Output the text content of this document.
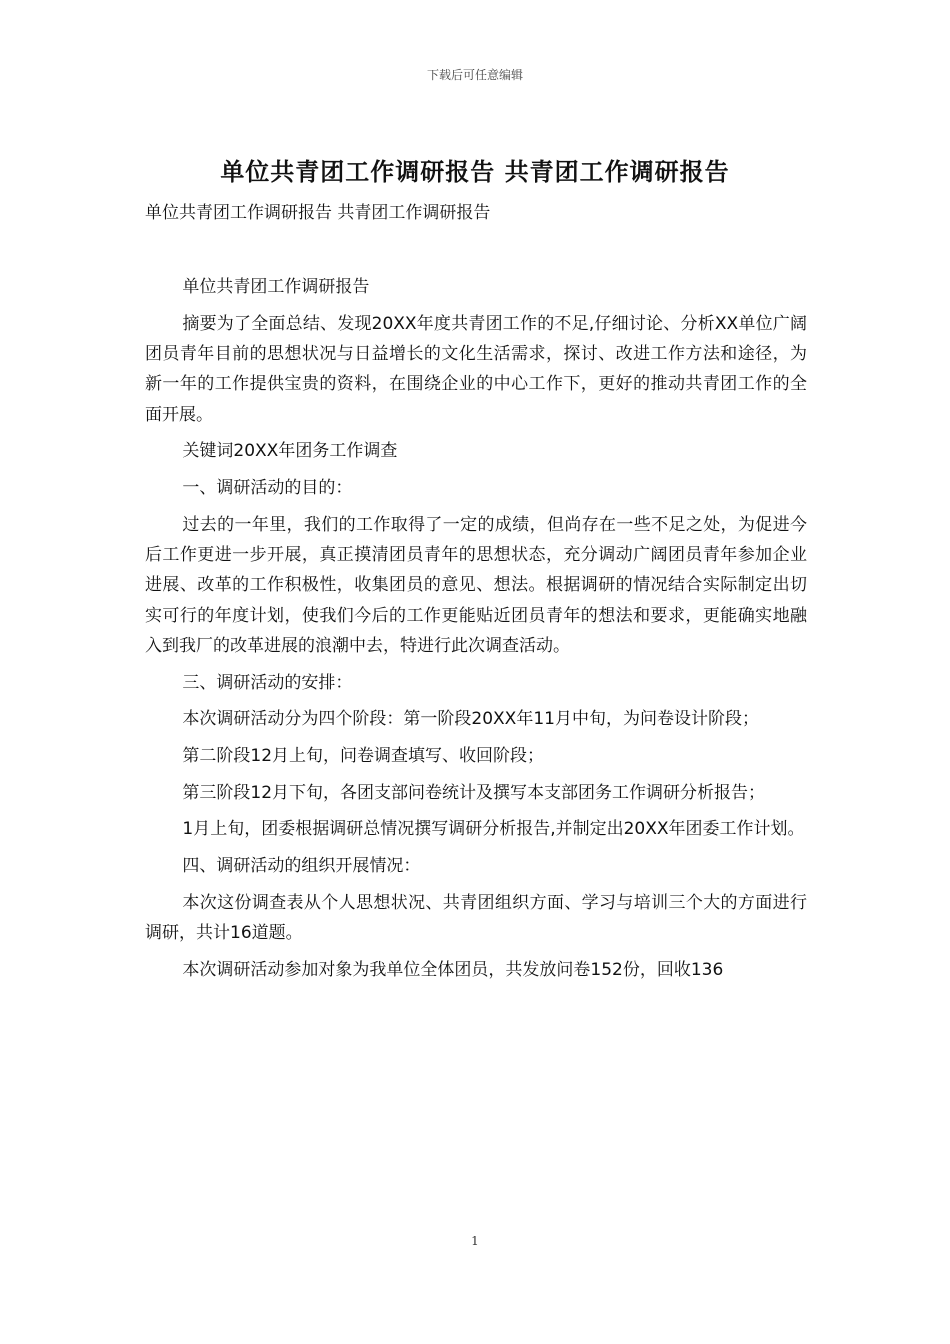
下载后可任意编辑
单位共青团工作调研报告 共青团工作调研报告
单位共青团工作调研报告 共青团工作调研报告

单位共青团工作调研报告

摘要为了全面总结、发现20XX年度共青团工作的不足,仔细讨论、分析XX单位广阔团员青年目前的思想状况与日益增长的文化生活需求，探讨、改进工作方法和途径，为新一年的工作提供宝贵的资料，在围绕企业的中心工作下，更好的推动共青团工作的全面开展。

关键词20XX年团务工作调查

一、调研活动的目的：

过去的一年里，我们的工作取得了一定的成绩，但尚存在一些不足之处，为促进今后工作更进一步开展，真正摸清团员青年的思想状态，充分调动广阔团员青年参加企业进展、改革的工作积极性，收集团员的意见、想法。根据调研的情况结合实际制定出切实可行的年度计划，使我们今后的工作更能贴近团员青年的想法和要求，更能确实地融入到我厂的改革进展的浪潮中去，特进行此次调查活动。

三、调研活动的安排：

本次调研活动分为四个阶段：第一阶段20XX年11月中旬，为问卷设计阶段；

第二阶段12月上旬，问卷调查填写、收回阶段；

第三阶段12月下旬，各团支部问卷统计及撰写本支部团务工作调研分析报告；

1月上旬，团委根据调研总情况撰写调研分析报告,并制定出20XX年团委工作计划。

四、调研活动的组织开展情况：

本次这份调查表从个人思想状况、共青团组织方面、学习与培训三个大的方面进行调研，共计16道题。

本次调研活动参加对象为我单位全体团员，共发放问卷152份，回收136

1
